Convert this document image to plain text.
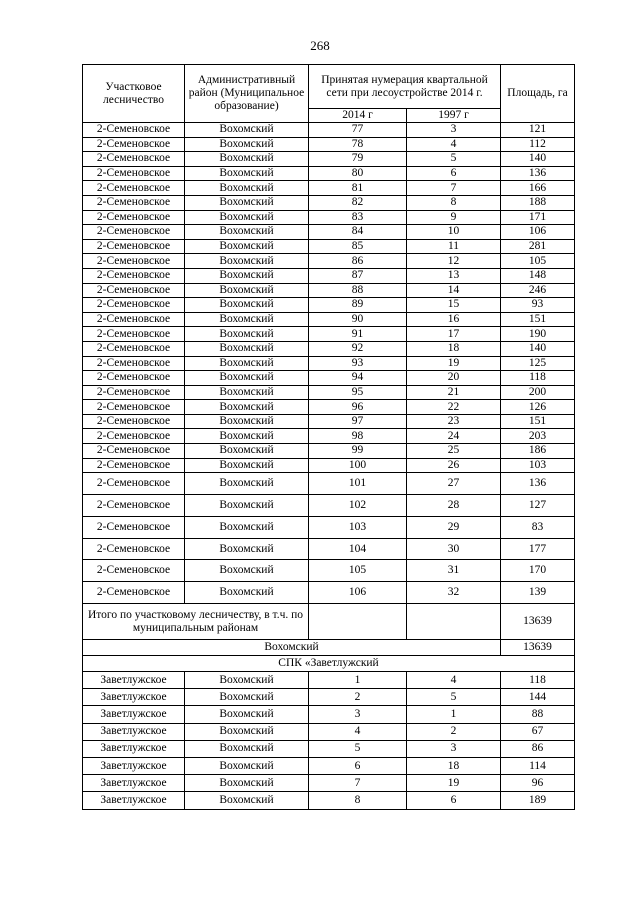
268
Участковое лесничество	Административный район (Муниципальное образование)	Принятая нумерация квартальной сети при лесоустройстве 2014 г.		Площадь, га
		2014 г	1997 г	
2-Семеновское	Вохомский	77	3	121
2-Семеновское	Вохомский	78	4	112
2-Семеновское	Вохомский	79	5	140
2-Семеновское	Вохомский	80	6	136
2-Семеновское	Вохомский	81	7	166
2-Семеновское	Вохомский	82	8	188
2-Семеновское	Вохомский	83	9	171
2-Семеновское	Вохомский	84	10	106
2-Семеновское	Вохомский	85	11	281
2-Семеновское	Вохомский	86	12	105
2-Семеновское	Вохомский	87	13	148
2-Семеновское	Вохомский	88	14	246
2-Семеновское	Вохомский	89	15	93
2-Семеновское	Вохомский	90	16	151
2-Семеновское	Вохомский	91	17	190
2-Семеновское	Вохомский	92	18	140
2-Семеновское	Вохомский	93	19	125
2-Семеновское	Вохомский	94	20	118
2-Семеновское	Вохомский	95	21	200
2-Семеновское	Вохомский	96	22	126
2-Семеновское	Вохомский	97	23	151
2-Семеновское	Вохомский	98	24	203
2-Семеновское	Вохомский	99	25	186
2-Семеновское	Вохомский	100	26	103
2-Семеновское	Вохомский	101	27	136
2-Семеновское	Вохомский	102	28	127
2-Семеновское	Вохомский	103	29	83
2-Семеновское	Вохомский	104	30	177
2-Семеновское	Вохомский	105	31	170
2-Семеновское	Вохомский	106	32	139
Итого по участковому лесничеству, в т.ч. по муниципальным районам				13639
Вохомский				13639
СПК «Заветлужский				
Заветлужское	Вохомский	1	4	118
Заветлужское	Вохомский	2	5	144
Заветлужское	Вохомский	3	1	88
Заветлужское	Вохомский	4	2	67
Заветлужское	Вохомский	5	3	86
Заветлужское	Вохомский	6	18	114
Заветлужское	Вохомский	7	19	96
Заветлужское	Вохомский	8	6	189
